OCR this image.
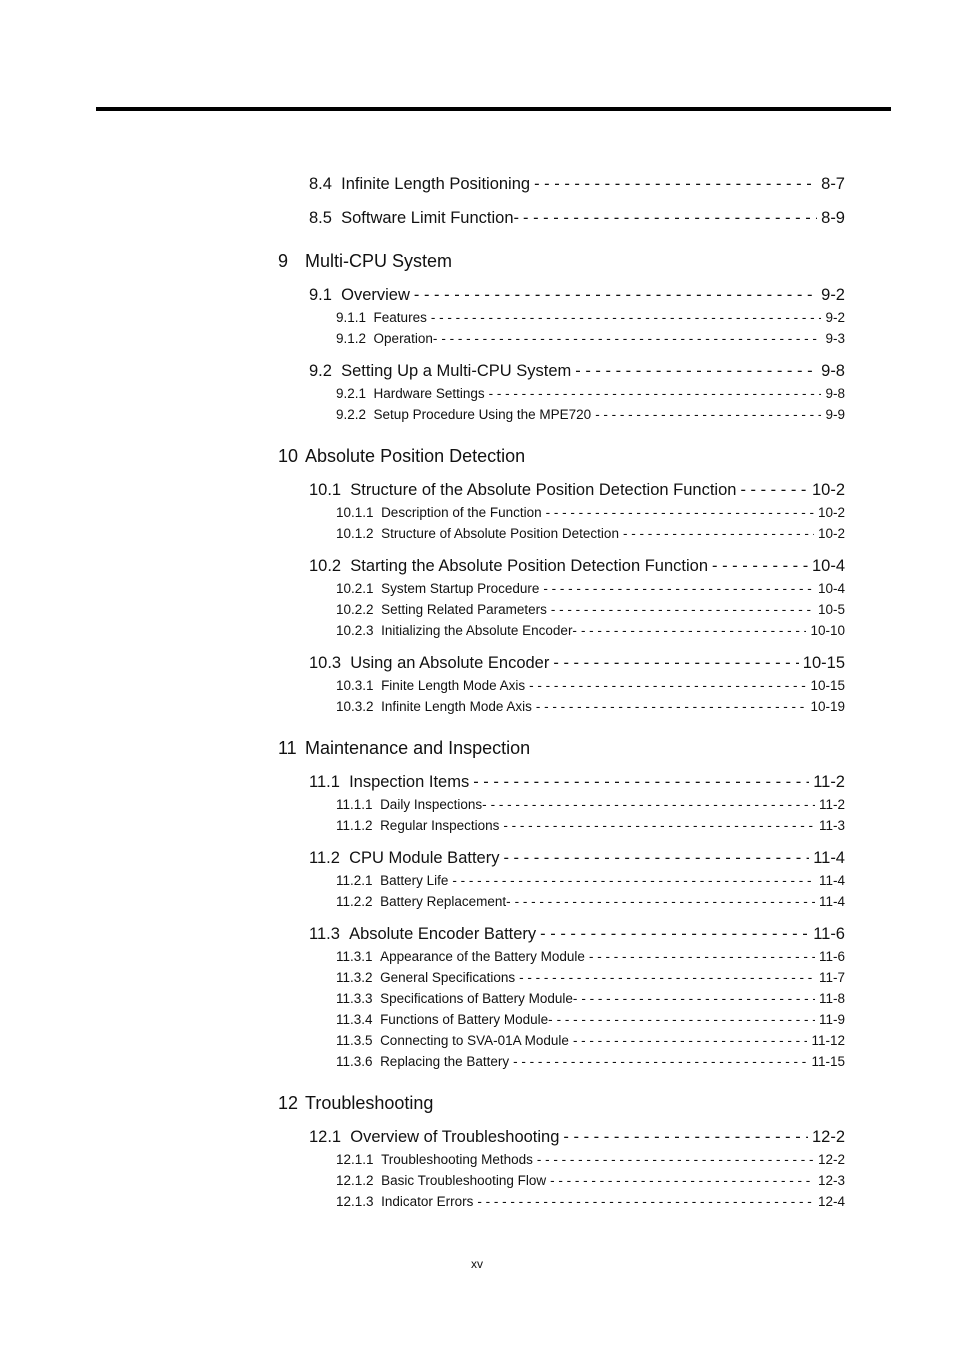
8.4 Infinite Length Positioning - - -	8-7
8.5 Software Limit Function- - - -	8-9
9 Multi-CPU System
9.1 Overview - - -	9-2
9.1.1 Features - - -	9-2
9.1.2 Operation- - - -	9-3
9.2 Setting Up a Multi-CPU System - - -	9-8
9.2.1 Hardware Settings - - -	9-8
9.2.2 Setup Procedure Using the MPE720 - - -	9-9
10 Absolute Position Detection
10.1 Structure of the Absolute Position Detection Function - - -	10-2
10.1.1 Description of the Function - - -	10-2
10.1.2 Structure of Absolute Position Detection - - -	10-2
10.2 Starting the Absolute Position Detection Function - - -	10-4
10.2.1 System Startup Procedure - - -	10-4
10.2.2 Setting Related Parameters - - -	10-5
10.2.3 Initializing the Absolute Encoder- - - -	10-10
10.3 Using an Absolute Encoder - - -	10-15
10.3.1 Finite Length Mode Axis - - -	10-15
10.3.2 Infinite Length Mode Axis - - -	10-19
11 Maintenance and Inspection
11.1 Inspection Items - - -	11-2
11.1.1 Daily Inspections- - - -	11-2
11.1.2 Regular Inspections - - -	11-3
11.2 CPU Module Battery - - -	11-4
11.2.1 Battery Life - - -	11-4
11.2.2 Battery Replacement- - - -	11-4
11.3 Absolute Encoder Battery - - -	11-6
11.3.1 Appearance of the Battery Module - - -	11-6
11.3.2 General Specifications - - -	11-7
11.3.3 Specifications of Battery Module- - - -	11-8
11.3.4 Functions of Battery Module- - - -	11-9
11.3.5 Connecting to SVA-01A Module - - -	11-12
11.3.6 Replacing the Battery - - -	11-15
12 Troubleshooting
12.1 Overview of Troubleshooting - - -	12-2
12.1.1 Troubleshooting Methods - - -	12-2
12.1.2 Basic Troubleshooting Flow - - -	12-3
12.1.3 Indicator Errors - - -	12-4
xv
